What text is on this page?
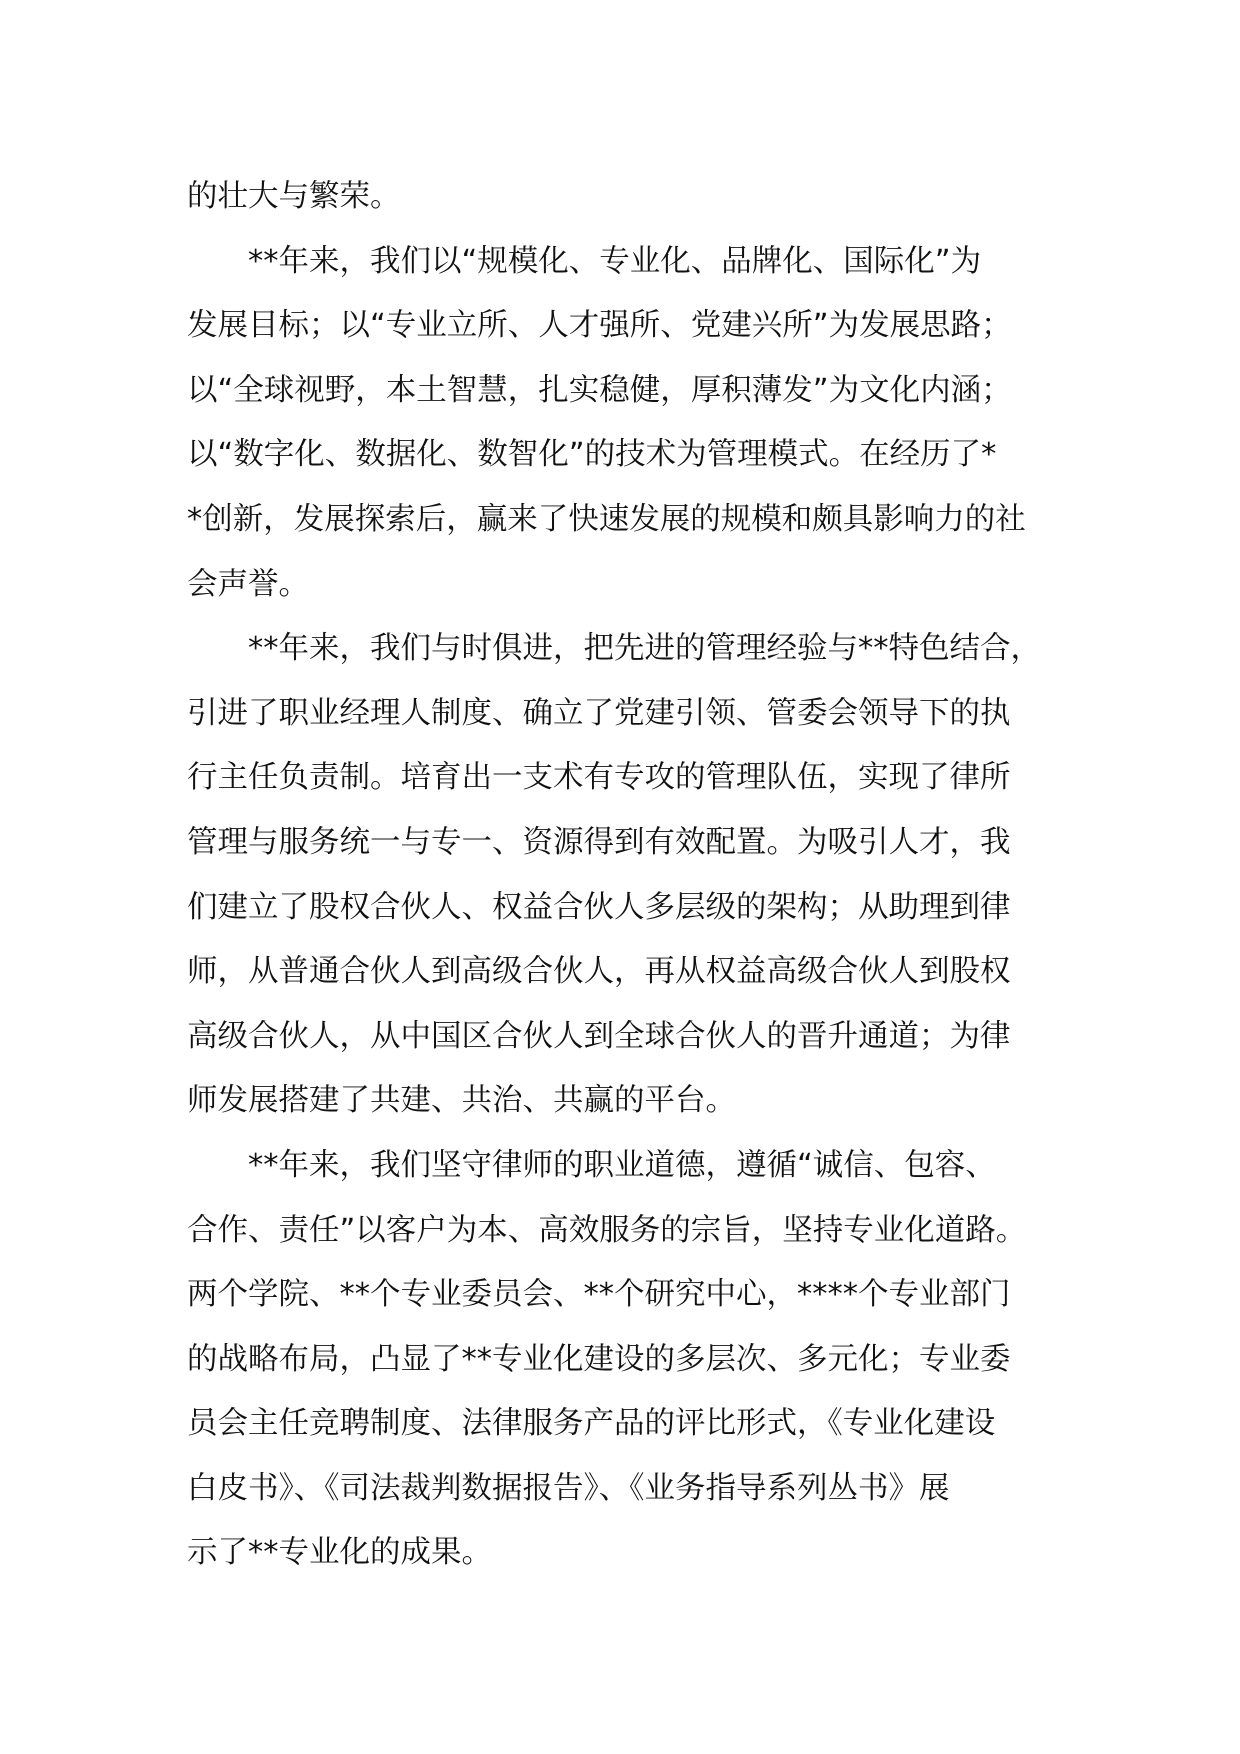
的壮大与繁荣。
**年来，我们以“规模化、专业化、品牌化、国际化”为
发展目标；以“专业立所、人才强所、党建兴所”为发展思路；
以“全球视野，本土智慧，扎实稳健，厚积薄发”为文化内涵；
以“数字化、数据化、数智化”的技术为管理模式。在经历了*
*创新，发展探索后，赢来了快速发展的规模和颇具影响力的社
会声誉。
**年来，我们与时俱进，把先进的管理经验与**特色结合，
引进了职业经理人制度、确立了党建引领、管委会领导下的执
行主任负责制。培育出一支术有专攻的管理队伍，实现了律所
管理与服务统一与专一、资源得到有效配置。为吸引人才，我
们建立了股权合伙人、权益合伙人多层级的架构；从助理到律
师，从普通合伙人到高级合伙人，再从权益高级合伙人到股权
高级合伙人，从中国区合伙人到全球合伙人的晋升通道；为律
师发展搭建了共建、共治、共赢的平台。
**年来，我们坚守律师的职业道德，遵循“诚信、包容、
合作、责任”以客户为本、高效服务的宗旨，坚持专业化道路。
两个学院、**个专业委员会、**个研究中心，****个专业部门
的战略布局，凸显了**专业化建设的多层次、多元化；专业委
员会主任竞聘制度、法律服务产品的评比形式，《专业化建设
白皮书》、《司法裁判数据报告》、《业务指导系列丛书》展
示了**专业化的成果。
